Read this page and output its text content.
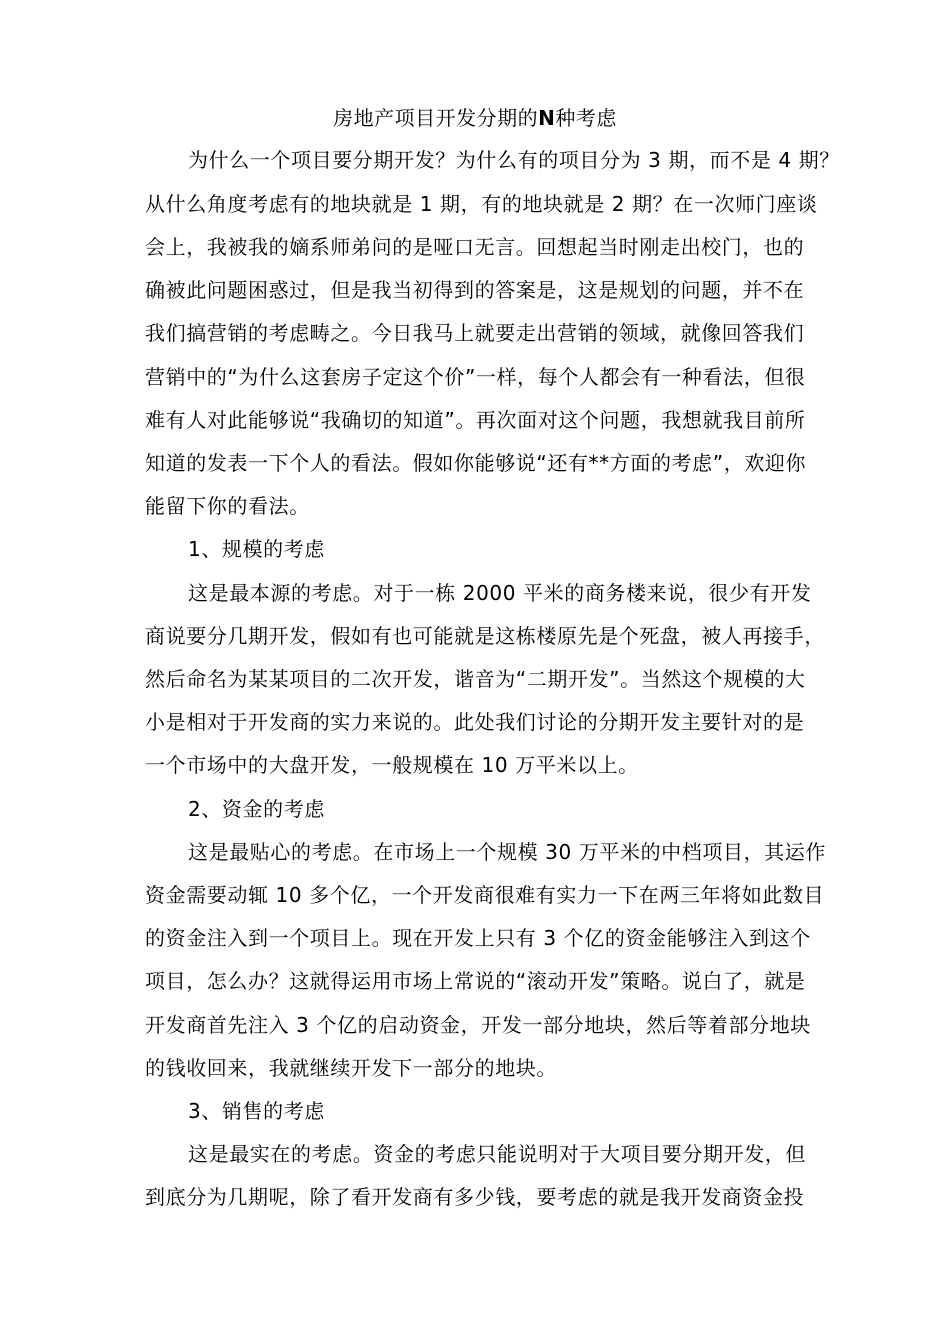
房地产项目开发分期的N种考虑
为什么一个项目要分期开发？为什么有的项目分为 3 期，而不是 4 期？
从什么角度考虑有的地块就是 1 期，有的地块就是 2 期？在一次师门座谈
会上，我被我的嫡系师弟问的是哑口无言。回想起当时刚走出校门，也的
确被此问题困惑过，但是我当初得到的答案是，这是规划的问题，并不在
我们搞营销的考虑畴之。今日我马上就要走出营销的领域，就像回答我们
营销中的“为什么这套房子定这个价”一样，每个人都会有一种看法，但很
难有人对此能够说“我确切的知道”。再次面对这个问题，我想就我目前所
知道的发表一下个人的看法。假如你能够说“还有**方面的考虑”，欢迎你
能留下你的看法。
1、规模的考虑
这是最本源的考虑。对于一栋 2000 平米的商务楼来说，很少有开发
商说要分几期开发，假如有也可能就是这栋楼原先是个死盘，被人再接手，
然后命名为某某项目的二次开发，谐音为“二期开发”。当然这个规模的大
小是相对于开发商的实力来说的。此处我们讨论的分期开发主要针对的是
一个市场中的大盘开发，一般规模在 10 万平米以上。
2、资金的考虑
这是最贴心的考虑。在市场上一个规模 30 万平米的中档项目，其运作
资金需要动辄 10 多个亿，一个开发商很难有实力一下在两三年将如此数目
的资金注入到一个项目上。现在开发上只有 3 个亿的资金能够注入到这个
项目，怎么办？这就得运用市场上常说的“滚动开发”策略。说白了，就是
开发商首先注入 3 个亿的启动资金，开发一部分地块，然后等着部分地块
的钱收回来，我就继续开发下一部分的地块。
3、销售的考虑
这是最实在的考虑。资金的考虑只能说明对于大项目要分期开发，但
到底分为几期呢，除了看开发商有多少钱，要考虑的就是我开发商资金投
